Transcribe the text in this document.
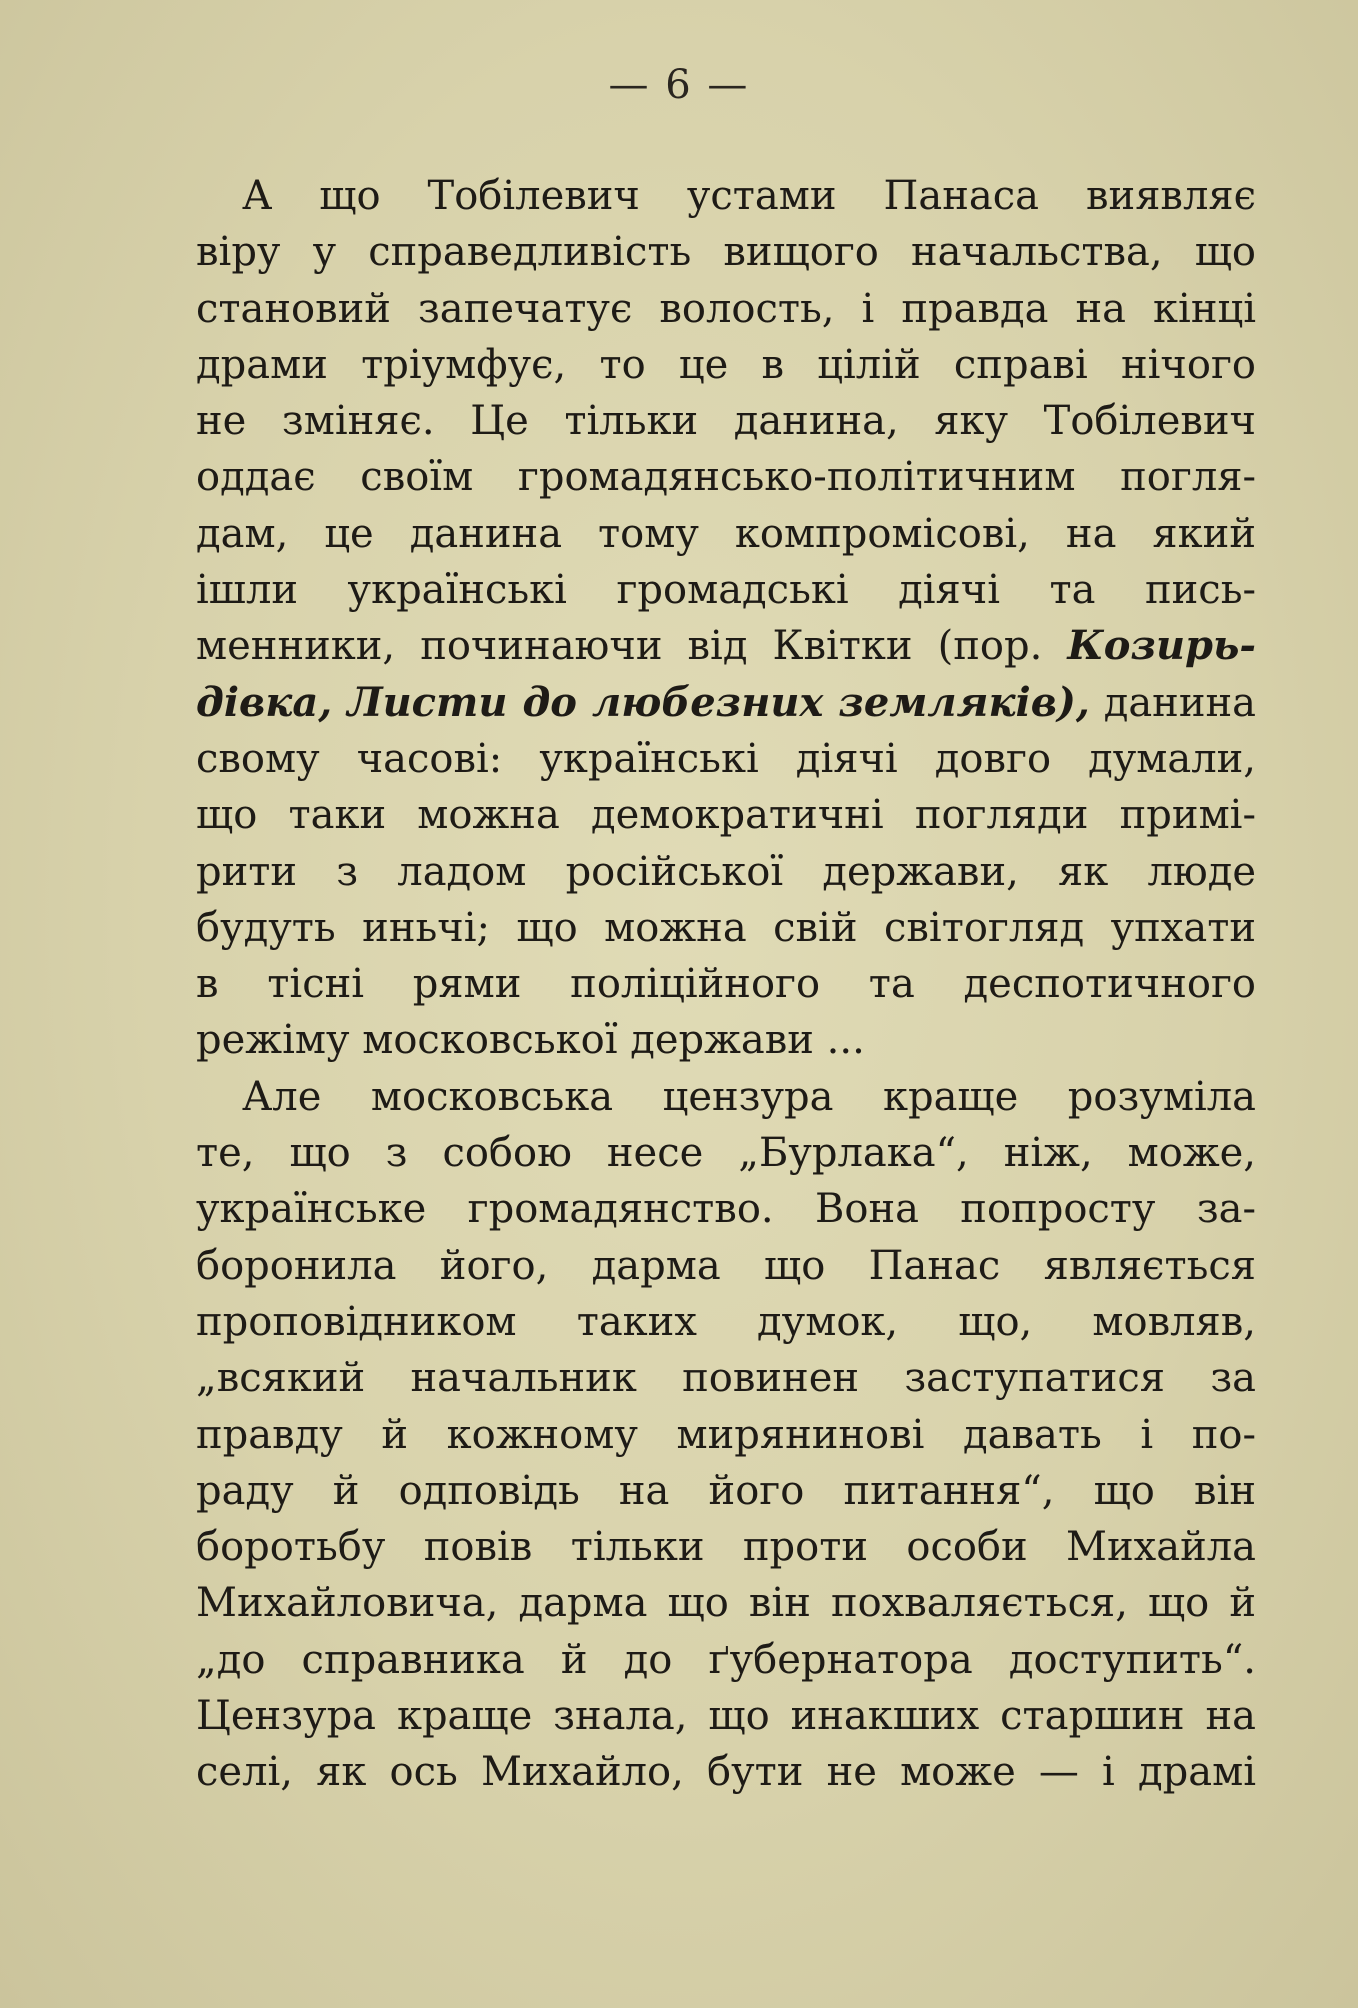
— 6 —
А що Тобілевич устами Панаса виявляє
віру у справедливість вищого начальства, що
становий запечатує волость, і правда на кінці
драми тріумфує, то це в цілій справі нічого
не зміняє. Це тільки данина, яку Тобілевич
оддає своїм громадянсько-політичним погля-
дам, це данина тому компромісові, на який
ішли українські громадські діячі та пись-
менники, починаючи від Квітки (пор. Козирь-
дівка, Листи до любезних земляків), данина
свому часові: українські діячі довго думали,
що таки можна демократичні погляди примі-
рити з ладом російської держави, як люде
будуть иньчі; що можна свій світогляд упхати
в тісні рями поліційного та деспотичного
режіму московської держави ...
Але московська цензура краще розуміла
те, що з собою несе „Бурлака“, ніж, може,
українське громадянство. Вона попросту за-
боронила його, дарма що Панас являється
проповідником таких думок, що, мовляв,
„всякий начальник повинен заступатися за
правду й кожному мирянинові давать і по-
раду й одповідь на його питання“, що він
боротьбу повів тільки проти особи Михайла
Михайловича, дарма що він похваляється, що й
„до справника й до ґубернатора доступить“.
Цензура краще знала, що инакших старшин на
селі, як ось Михайло, бути не може — і драмі
